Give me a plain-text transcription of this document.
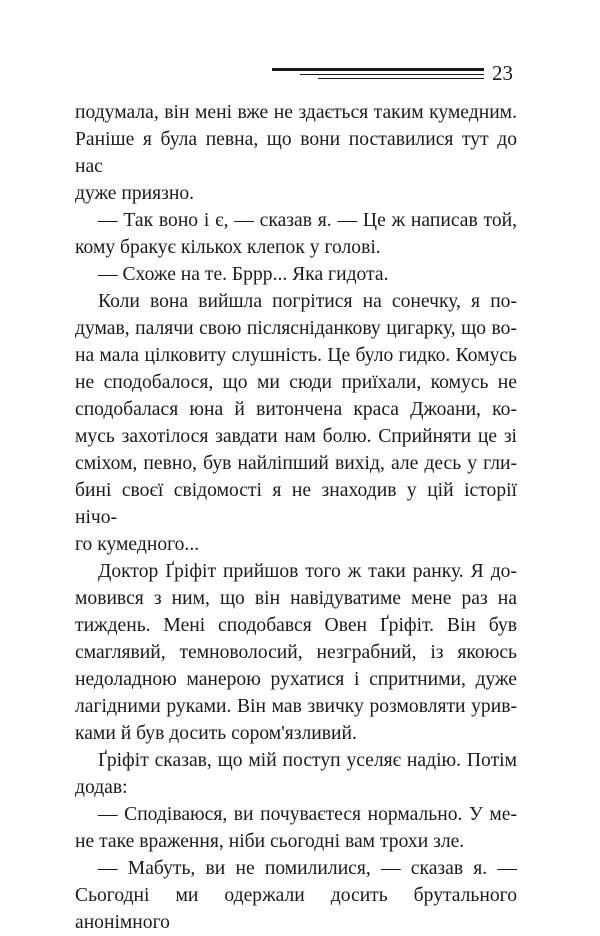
23

подумала, він мені вже не здається таким кумедним.

Раніше я була певна, що вони поставилися тут до нас

дуже приязно.

— Так воно і є, — сказав я. — Це ж написав той,

кому бракує кількох клепок у голові.

— Схоже на те. Бррр... Яка гидота.

Коли вона вийшла погрітися на сонечку, я по-

думав, палячи свою післясніданкову цигарку, що во-

на мала цілковиту слушність. Це було гидко. Комусь

не сподобалося, що ми сюди приїхали, комусь не

сподобалася юна й витончена краса Джоани, ко-

мусь захотілося завдати нам болю. Сприйняти це зі

сміхом, певно, був найліпший вихід, але десь у гли-

бині своєї свідомості я не знаходив у цій історії нічо-

го кумедного...

Доктор Ґріфіт прийшов того ж таки ранку. Я до-

мовився з ним, що він навідуватиме мене раз на

тиждень. Мені сподобався Овен Ґріфіт. Він був

смаглявий, темноволосий, незграбний, із якоюсь

недоладною манерою рухатися і спритними, дуже

лагідними руками. Він мав звичку розмовляти урив-

ками й був досить сором'язливий.

Ґріфіт сказав, що мій поступ уселяє надію. Потім

додав:

— Сподіваюся, ви почуваєтеся нормально. У ме-

не таке враження, ніби сьогодні вам трохи зле.

— Мабуть, ви не помилилися, — сказав я. —

Сьогодні ми одержали досить брутального анонімного
